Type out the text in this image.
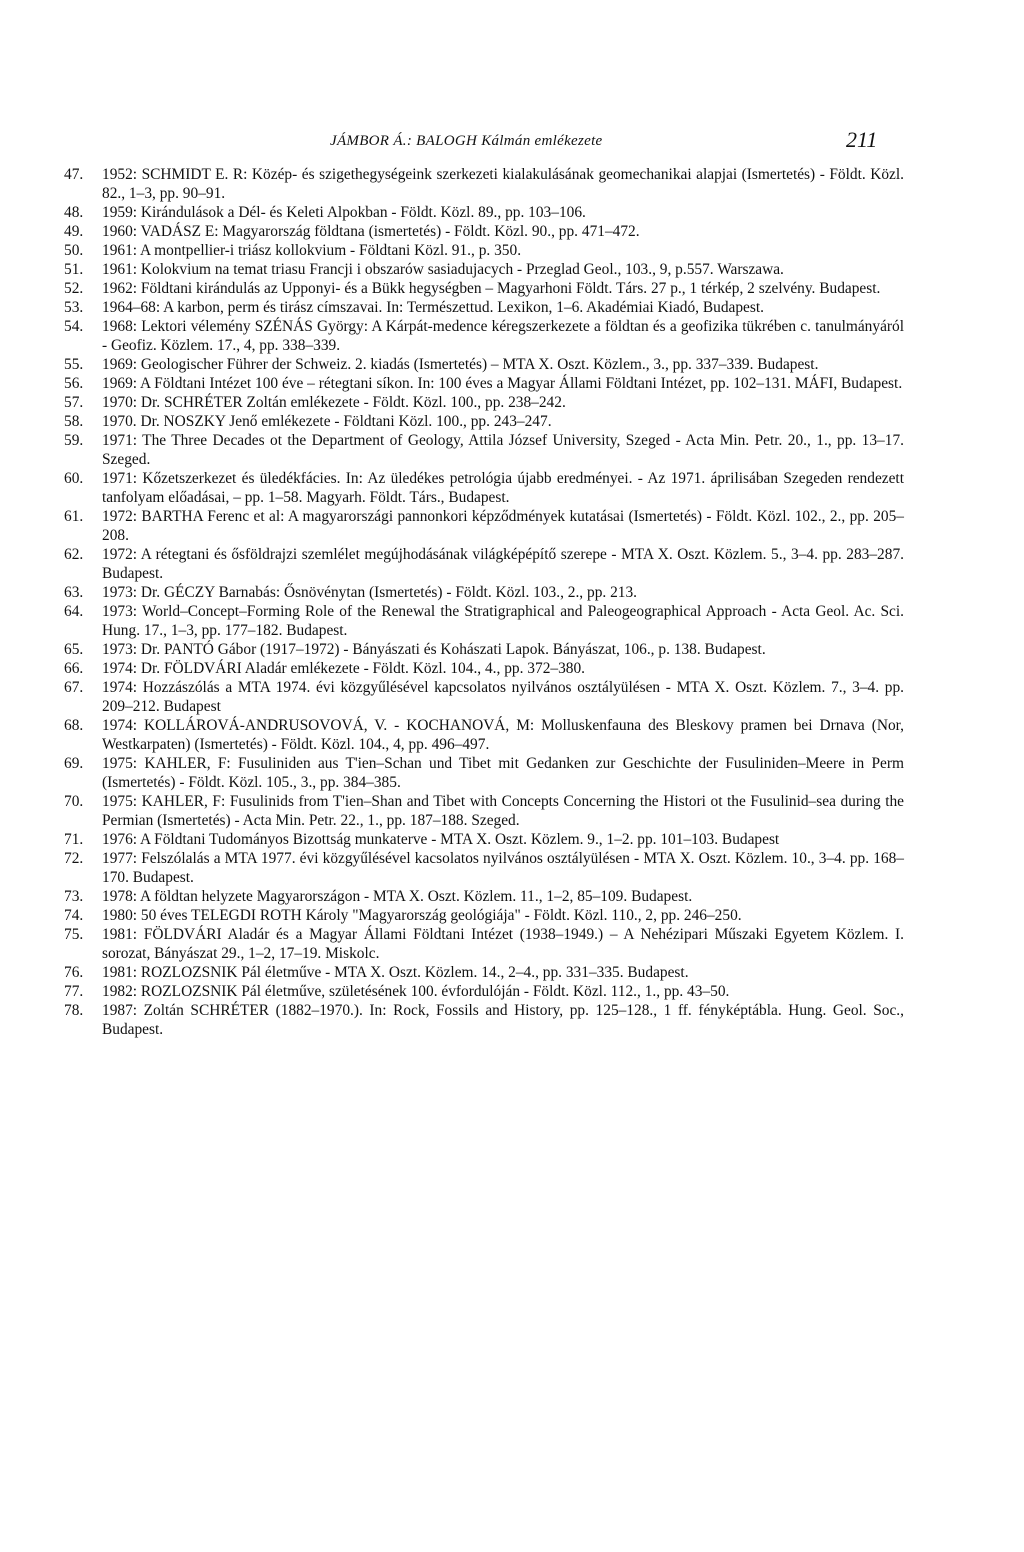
JÁMBOR Á.: BALOGH Kálmán emlékezete	211
47.	1952: SCHMIDT E. R: Közép- és szigethegységeink szerkezeti kialakulásának geomechanikai alapjai (Ismertetés) - Földt. Közl. 82., 1–3, pp. 90–91.
48.	1959: Kirándulások a Dél- és Keleti Alpokban - Földt. Közl. 89., pp. 103–106.
49.	1960: VADÁSZ E: Magyarország földtana (ismertetés) - Földt. Közl. 90., pp. 471–472.
50.	1961: A montpellier-i triász kollokvium - Földtani Közl. 91., p. 350.
51.	1961: Kolokvium na temat triasu Francji i obszarów sasiadujacych - Przeglad Geol., 103., 9, p.557. Warszawa.
52.	1962: Földtani kirándulás az Upponyi- és a Bükk hegységben – Magyarhoni Földt. Társ. 27 p., 1 térkép, 2 szelvény. Budapest.
53.	1964–68: A karbon, perm és tirász címszavai. In: Természettud. Lexikon, 1–6. Akadémiai Kiadó, Budapest.
54.	1968: Lektori vélemény SZÉNÁS György: A Kárpát-medence kéregszerkezete a földtan és a geofizika tükrében c. tanulmányáról - Geofiz. Közlem. 17., 4, pp. 338–339.
55.	1969: Geologischer Führer der Schweiz. 2. kiadás (Ismertetés) – MTA X. Oszt. Közlem., 3., pp. 337–339. Budapest.
56.	1969: A Földtani Intézet 100 éve – rétegtani síkon. In: 100 éves a Magyar Állami Földtani Intézet, pp. 102–131. MÁFI, Budapest.
57.	1970: Dr. SCHRÉTER Zoltán emlékezete - Földt. Közl. 100., pp. 238–242.
58.	1970. Dr. NOSZKY Jenő emlékezete - Földtani Közl. 100., pp. 243–247.
59.	1971: The Three Decades ot the Department of Geology, Attila József University, Szeged - Acta Min. Petr. 20., 1., pp. 13–17. Szeged.
60.	1971: Kőzetszerkezet és üledékfácies. In: Az üledékes petrológia újabb eredményei. - Az 1971. áprilisában Szegeden rendezett tanfolyam előadásai, – pp. 1–58. Magyarh. Földt. Társ., Budapest.
61.	1972: BARTHA Ferenc et al: A magyarországi pannonkori képződmények kutatásai (Ismertetés) - Földt. Közl. 102., 2., pp. 205–208.
62.	1972: A rétegtani és ősföldrajzi szemlélet megújhodásának világképépítő szerepe - MTA X. Oszt. Közlem. 5., 3–4. pp. 283–287. Budapest.
63.	1973: Dr. GÉCZY Barnabás: Ősnövénytan (Ismertetés) - Földt. Közl. 103., 2., pp. 213.
64.	1973: World–Concept–Forming Role of the Renewal the Stratigraphical and Paleogeographical Approach - Acta Geol. Ac. Sci. Hung. 17., 1–3, pp. 177–182. Budapest.
65.	1973: Dr. PANTÓ Gábor (1917–1972) - Bányászati és Kohászati Lapok. Bányászat, 106., p. 138. Budapest.
66.	1974: Dr. FÖLDVÁRI Aladár emlékezete - Földt. Közl. 104., 4., pp. 372–380.
67.	1974: Hozzászólás a MTA 1974. évi közgyűlésével kapcsolatos nyilvános osztályülésen - MTA X. Oszt. Közlem. 7., 3–4. pp. 209–212. Budapest
68.	1974: KOLLÁROVÁ-ANDRUSOVOVÁ, V. - KOCHANOVÁ, M: Molluskenfauna des Bleskovy pramen bei Drnava (Nor, Westkarpaten) (Ismertetés) - Földt. Közl. 104., 4, pp. 496–497.
69.	1975: KAHLER, F: Fusuliniden aus T'ien–Schan und Tibet mit Gedanken zur Geschichte der Fusuliniden–Meere in Perm (Ismertetés) - Földt. Közl. 105., 3., pp. 384–385.
70.	1975: KAHLER, F: Fusulinids from T'ien–Shan and Tibet with Concepts Concerning the Histori ot the Fusulinid–sea during the Permian (Ismertetés) - Acta Min. Petr. 22., 1., pp. 187–188. Szeged.
71.	1976: A Földtani Tudományos Bizottság munkaterve - MTA X. Oszt. Közlem. 9., 1–2. pp. 101–103. Budapest
72.	1977: Felszólalás a MTA 1977. évi közgyűlésével kacsolatos nyilvános osztályülésen - MTA X. Oszt. Közlem. 10., 3–4. pp. 168–170. Budapest.
73.	1978: A földtan helyzete Magyarországon - MTA X. Oszt. Közlem. 11., 1–2, 85–109. Budapest.
74.	1980: 50 éves TELEGDI ROTH Károly "Magyarország geológiája" - Földt. Közl. 110., 2, pp. 246–250.
75.	1981: FÖLDVÁRI Aladár és a Magyar Állami Földtani Intézet (1938–1949.) – A Nehézipari Műszaki Egyetem Közlem. I. sorozat, Bányászat 29., 1–2, 17–19. Miskolc.
76.	1981: ROZLOZSNIK Pál életműve - MTA X. Oszt. Közlem. 14., 2–4., pp. 331–335. Budapest.
77.	1982: ROZLOZSNIK Pál életműve, születésének 100. évfordulóján - Földt. Közl. 112., 1., pp. 43–50.
78.	1987: Zoltán SCHRÉTER (1882–1970.). In: Rock, Fossils and History, pp. 125–128., 1 ff. fényképtábla. Hung. Geol. Soc., Budapest.
